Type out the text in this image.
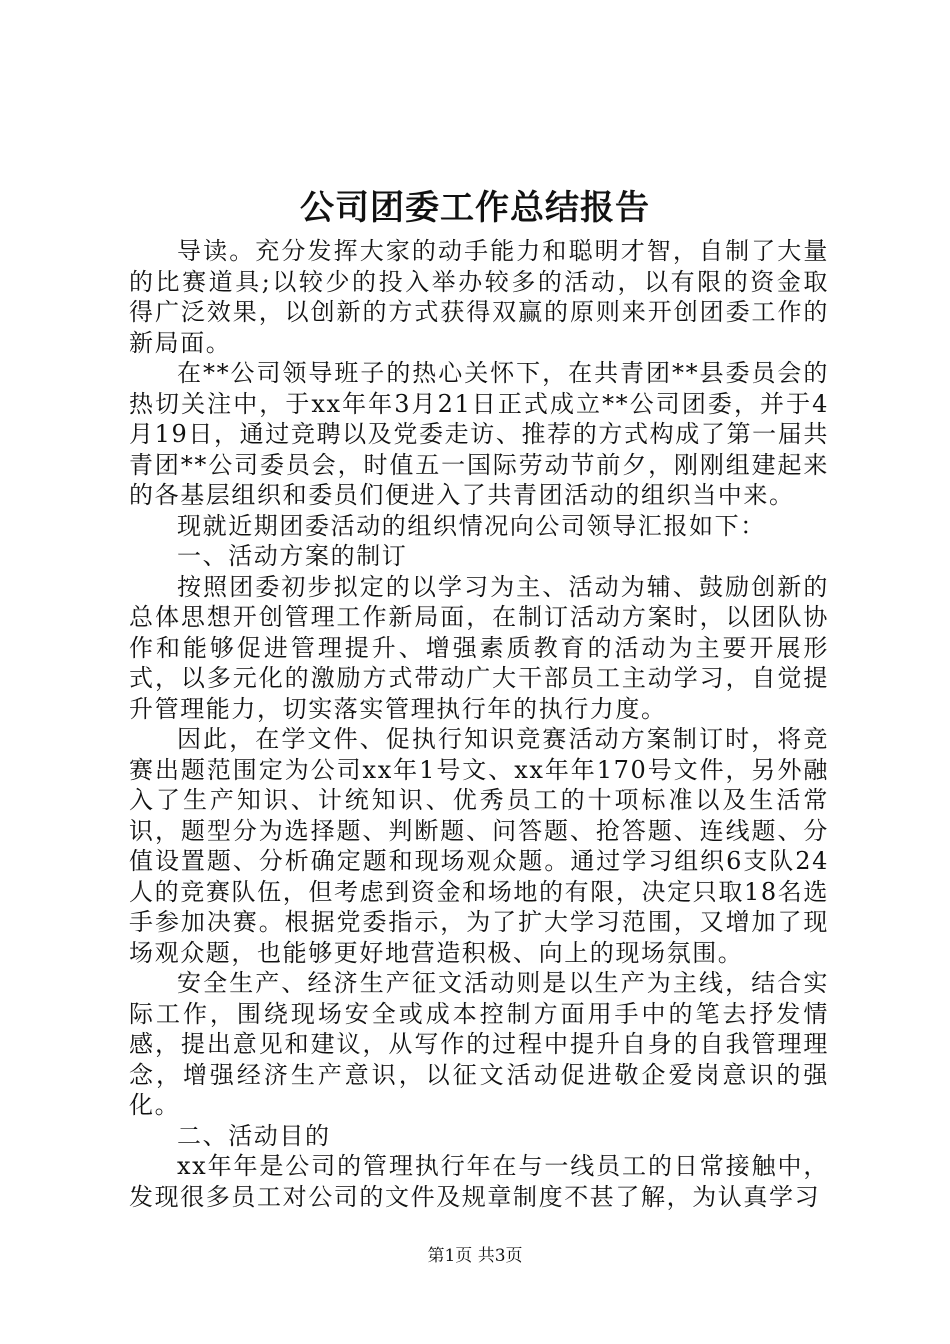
公司团委工作总结报告

导读。充分发挥大家的动手能力和聪明才智，自制了大量的比赛道具;以较少的投入举办较多的活动，以有限的资金取得广泛效果，以创新的方式获得双赢的原则来开创团委工作的新局面。

在**公司领导班子的热心关怀下，在共青团**县委员会的热切关注中，于xx年年3月21日正式成立**公司团委，并于4月19日，通过竞聘以及党委走访、推荐的方式构成了第一届共青团**公司委员会，时值五一国际劳动节前夕，刚刚组建起来的各基层组织和委员们便进入了共青团活动的组织当中来。

现就近期团委活动的组织情况向公司领导汇报如下：

一、活动方案的制订

按照团委初步拟定的以学习为主、活动为辅、鼓励创新的总体思想开创管理工作新局面，在制订活动方案时，以团队协作和能够促进管理提升、增强素质教育的活动为主要开展形式，以多元化的激励方式带动广大干部员工主动学习，自觉提升管理能力，切实落实管理执行年的执行力度。

因此，在学文件、促执行知识竞赛活动方案制订时，将竞赛出题范围定为公司xx年1号文、xx年年170号文件，另外融入了生产知识、计统知识、优秀员工的十项标准以及生活常识，题型分为选择题、判断题、问答题、抢答题、连线题、分值设置题、分析确定题和现场观众题。通过学习组织6支队24人的竞赛队伍，但考虑到资金和场地的有限，决定只取18名选手参加决赛。根据党委指示，为了扩大学习范围，又增加了现场观众题，也能够更好地营造积极、向上的现场氛围。

安全生产、经济生产征文活动则是以生产为主线，结合实际工作，围绕现场安全或成本控制方面用手中的笔去抒发情感，提出意见和建议，从写作的过程中提升自身的自我管理理念，增强经济生产意识，以征文活动促进敬企爱岗意识的强化。

二、活动目的

xx年年是公司的管理执行年在与一线员工的日常接触中，发现很多员工对公司的文件及规章制度不甚了解，为认真学习

第1页 共3页
